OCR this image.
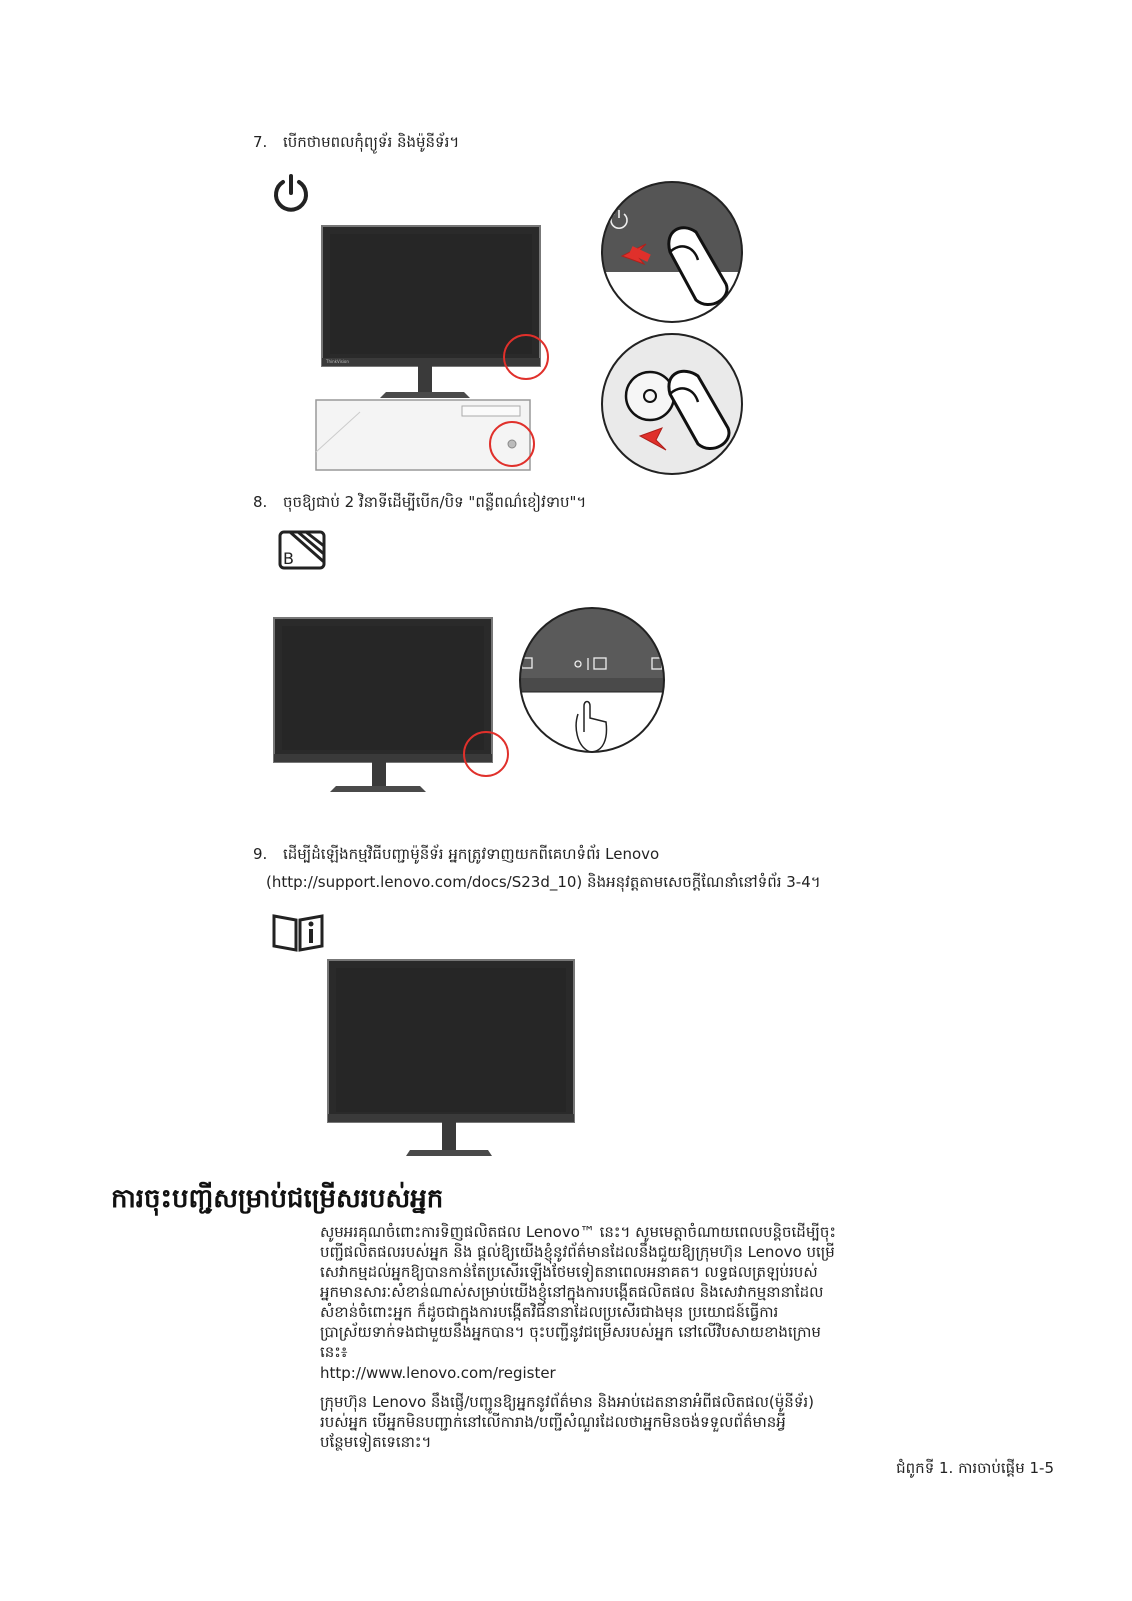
7. បើកថាមពលកុំព្យូទ័រ និងម៉ូនីទ័រ។
ThinkVision
8. ចុចឱ្យជាប់ 2 វិនាទីដើម្បីបើក/បិទ "ពន្លឺពណ៌ខៀវទាប"។
B
9. ដើម្បីដំឡើងកម្មវិធីបញ្ជាម៉ូនីទ័រ អ្នកត្រូវទាញយកពីគេហទំព័រ Lenovo
(http://support.lenovo.com/docs/S23d_10) និងអនុវត្តតាមសេចក្ដីណែនាំនៅទំព័រ 3-4។
ការចុះបញ្ជីសម្រាប់ជម្រើសរបស់អ្នក
សូមអរគុណចំពោះការទិញផលិតផល Lenovo™ នេះ។ សូមមេត្តាចំណាយពេលបន្តិចដើម្បីចុះ
បញ្ជីផលិតផលរបស់អ្នក និង ផ្ដល់ឱ្យយើងខ្ញុំនូវព័ត៌មានដែលនឹងជួយឱ្យក្រុមហ៊ុន Lenovo បម្រើ
សេវាកម្មដល់អ្នកឱ្យបានកាន់តែប្រសើរឡើងថែមទៀតនាពេលអនាគត។ លទ្ធផលត្រឡប់របស់
អ្នកមានសារៈសំខាន់ណាស់សម្រាប់យើងខ្ញុំនៅក្នុងការបង្កើតផលិតផល និងសេវាកម្មនានាដែល
សំខាន់ចំពោះអ្នក ក៏ដូចជាក្នុងការបង្កើតវិធីនានាដែលប្រសើរជាងមុន ប្រយោជន៍ធ្វើការ
ប្រាស្រ័យទាក់ទងជាមួយនឹងអ្នកបាន។ ចុះបញ្ជីនូវជម្រើសរបស់អ្នក នៅលើវិបសាយខាងក្រោម
នេះ៖
http://www.lenovo.com/register
ក្រុមហ៊ុន Lenovo នឹងផ្ញើ/បញ្ជូនឱ្យអ្នកនូវព័ត៌មាន និងអាប់ដេតនានាអំពីផលិតផល(ម៉ូនីទ័រ)
របស់អ្នក បើអ្នកមិនបញ្ជាក់នៅលើការាង/បញ្ជីសំណួរដែលថាអ្នកមិនចង់ទទួលព័ត៌មានអ្វី
បន្ថែមទៀតទេនោះ។
ជំពូកទី 1. ការចាប់ផ្ដើម 1-5
